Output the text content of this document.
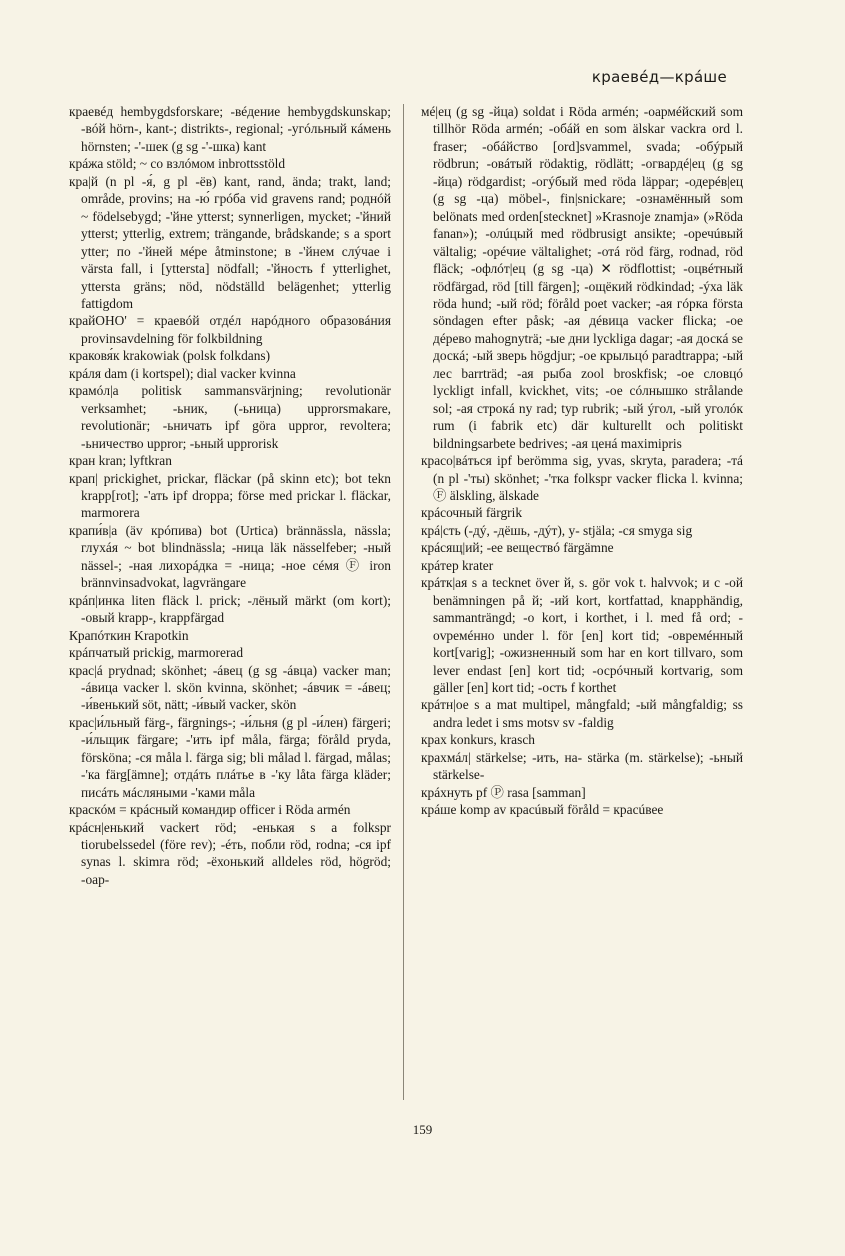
краевéд—крáше

краевéд hembygdsforskare; -вéдение hembygdskunskap; -вóй hörn-, kant-; distrikts-, regional; -угóльный кáмень hörnsten; -'-шек (g sg -'-шка) kant

крáжа stöld; ~ со взлóмом inbrottsstöld

кра|й (n pl -я́, g pl -ёв) kant, rand, ända; trakt, land; område, provins; на -ю́ грóба vid gravens rand; роднóй ~ födelsebygd; -'йне ytterst; synnerligen, mycket; -'йний ytterst; ytterlig, extrem; trängande, brådskande; s a sport ytter; по -'йней мéре åtminstone; в -'йнем слýчае i värsta fall, i [yttersta] nödfall; -'йность f ytterlighet, yttersta gräns; nöd, nödställd belägenhet; ytterlig fattigdom

крайОНО' = краевóй отдéл нарóдного образовáния provinsavdelning för folkbildning

краковя́к krakowiak (polsk folkdans)

крáля dam (i kortspel); dial vacker kvinna

крамóл|а politisk sammansvärjning; revolutionär verksamhet; -ьник, (-ьница) upprorsmakare, revolutionär; -ьничать ipf göra uppror, revoltera; -ьничество uppror; -ьный upprorisk

кран kran; lyftkran

крап| prickighet, prickar, fläckar (på skinn etc); bot tekn krapp[rot]; -'ать ipf droppa; förse med prickar l. fläckar, marmorera

крапи́в|а (äv крóпива) bot (Urtica) brännässla, nässla; глухáя ~ bot blindnässla; -ница läk nässelfeber; -ный nässel-; -ная лихорáдка = -ница; -ное сéмя Ⓕ iron brännvinsadvokat, lagvrängare

крáп|инка liten fläck l. prick; -лёный märkt (om kort); -овый krapp-, krappfärgad

Крапóткин Krapotkin

крáпчатый prickig, marmorerad

крас|á prydnad; skönhet; -áвец (g sg -áвца) vacker man; -áвица vacker l. skön kvinna, skönhet; -áвчик = -áвец; -и́венький söt, nätt; -и́вый vacker, skön

крас|и́льный färg-, färgnings-; -и́льня (g pl -и́лен) färgeri; -и́льщик färgare; -'ить ipf måla, färga; föråld pryda, försköna; -ся måla l. färga sig; bli målad l. färgad, målas; -'ка färg[ämne]; отдáть плáтье в -'ку låta färga kläder; писáть мáсляными -'ками måla

краскóм = крáсный командир officer i Röda armén

крáсн|енький vackert röd; -енькая s a folkspr tiorubelssedel (före rev); -éть, побли röd, rodna; -ся ipf synas l. skimra röd; -ёхонький alldeles röd, högröd; -оар-

мé|ец (g sg -йца) soldat i Röda armén; -оармéйский som tillhör Röda armén; -обáй en som älskar vackra ord l. fraser; -обáйство [ord]svammel, svada; -обýрый rödbrun; -овáтый rödaktig, rödlätt; -огвардé|ец (g sg -йца) rödgardist; -огýбый med röda läppar; -одерéв|ец (g sg -ца) möbel-, fin|snickare; -ознамённый som belönats med orden[stecknet] »Krasnoje znamja» (»Röda fanan»); -олúцый med rödbrusigt ansikte; -оречúвый vältalig; -орéчие vältalighet; -отá röd färg, rodnad, röd fläck; -офлóт|ец (g sg -ца) ✕ rödflottist; -оцвéтный rödfärgad, röd [till färgen]; -ощёкий rödkindad; -ýха läk röda hund; -ый röd; föråld poet vacker; -ая гóрка första söndagen efter påsk; -ая дéвица vacker flicka; -ое дéрево mahognyträ; -ые дни lyckliga dagar; -ая доскá se доскá; -ый зверь högdjur; -ое крыльцó paradtrappa; -ый лес barrträd; -ая рыба zool broskfisk; -ое словцó lyckligt infall, kvickhet, vits; -ое сóлнышко strålande sol; -ая строкá ny rad; typ rubrik; -ый ýгол, -ый уголóк rum (i fabrik etc) där kulturellt och politiskt bildningsarbete bedrives; -ая ценá maximipris

красо|вáться ipf berömma sig, yvas, skryta, paradera; -тá (n pl -'ты) skönhet; -'тка folkspr vacker flicka l. kvinna; Ⓕ älskling, älskade

крáсочный färgrik

крá|сть (-дý, -дёшь, -дýт), у- stjäla; -ся smyga sig

крáсящ|ий; -ее веществó färgämne

крáтер krater

крáтк|ая s a tecknet över й, s. gör vok t. halvvok; и с -ой benämningen på й; -ий kort, kortfattad, knapphändig, sammanträngd; -о kort, i korthet, i l. med få ord; -ovремéнно under l. för [en] kort tid; -овремéнный kort[varig]; -ожизненный som har en kort tillvaro, som lever endast [en] kort tid; -осрóчный kortvarig, som gäller [en] kort tid; -ость f korthet

крáтн|ое s a mat multipel, mångfald; -ый mångfaldig; ss andra ledet i sms motsv sv -faldig

крах konkurs, krasch

крахмáл| stärkelse; -ить, на- stärka (m. stärkelse); -ьный stärkelse-

крáхнуть pf Ⓟ rasa [samman]

крáше komp av красúвый föråld = красúвее

159
